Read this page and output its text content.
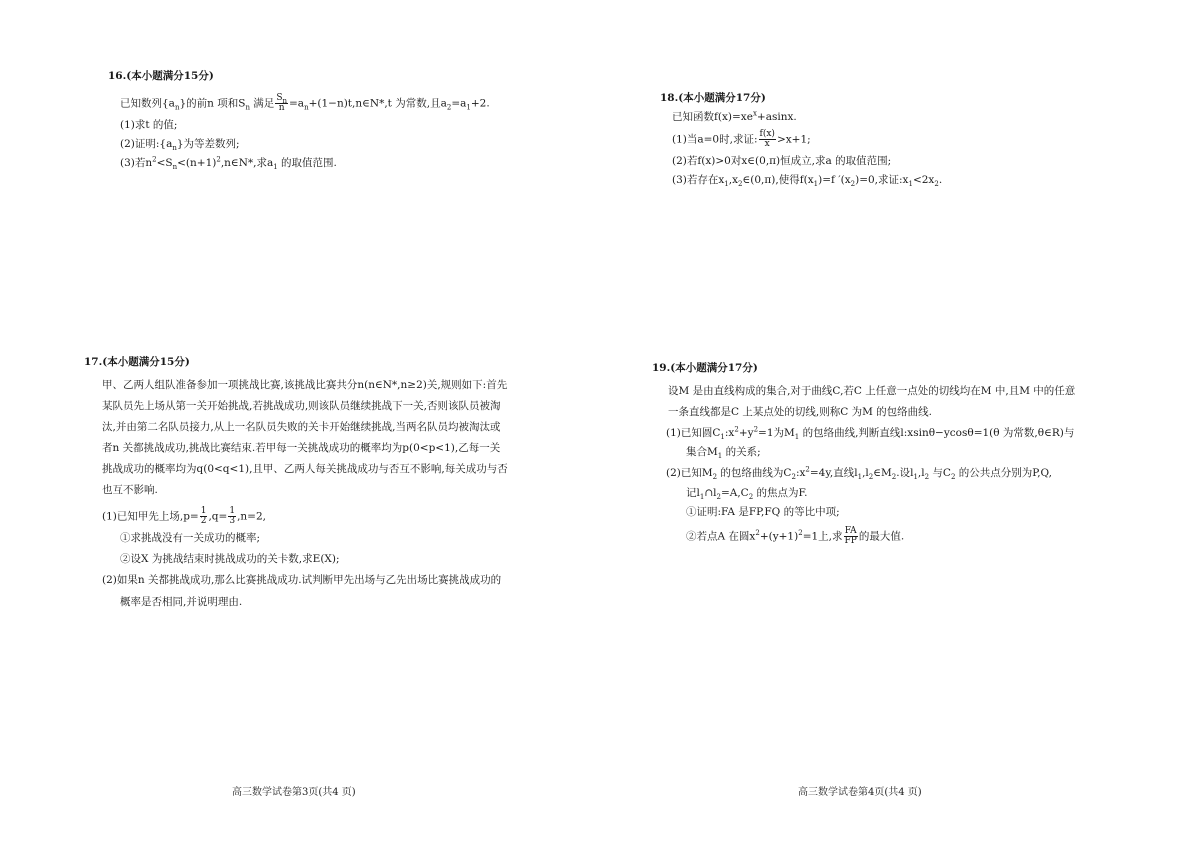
16.(本小题满分15分)

已知数列$\{a_n\}$的前n 项和$S_n$ 满足 $\frac{S_n}{n}$ $=a_n+(1-n)t,n\in N*,t$ 为常数,且$a_2=a_1+2$.

(1)求t 的值;

(2)证明$:\{a_n\}$为等差数列;

(3)若$n^2<S_n<(n+1)^2,n\in N*$,求$a_1$ 的取值范围.

17.(本小题满分15分)

甲、乙两人组队准备参加一项挑战比赛,该挑战比赛共分n(n∈N*,n≥2)关,规则如下:首先

某队员先上场从第一关开始挑战,若挑战成功,则该队员继续挑战下一关,否则该队员被淘

汰,并由第二名队员接力,从上一名队员失败的关卡开始继续挑战,当两名队员均被淘汰或

者n 关都挑战成功,挑战比赛结束.若甲每一关挑战成功的概率均为p(0<p<1),乙每一关

挑战成功的概率均为q(0<q<1),且甲、乙两人每关挑战成功与否互不影响,每关成功与否

也互不影响.

(1)已知甲先上场$,p= \frac{1}{2} ,q= \frac{1}{3} ,n=2$,

①求挑战没有一关成功的概率;

②设X 为挑战结束时挑战成功的关卡数,求E(X);

(2)如果n 关都挑战成功,那么比赛挑战成功.试判断甲先出场与乙先出场比赛挑战成功的

概率是否相同,并说明理由.

高三数学试卷第3页(共4 页)

18.(本小题满分17分)

已知函数$f(x)=xe^x+asinx$.

(1)当a=0时,求证: $\frac{f(x)}{x} >x+1$;

(2)若f(x)>0对x∈(0,π)恒成立,求a 的取值范围;

(3)若存在$x_1,x_2\in(0,\pi)$,使得$f(x_1)=f$ $'(x_2)=0$,求证$:x_1<2x_2$.

19.(本小题满分17分)

设M 是由直线构成的集合,对于曲线C,若C 上任意一点处的切线均在M 中,且M 中的任意

一条直线都是C 上某点处的切线,则称C 为M 的包络曲线.

(1)已知圆$C_1:x^2+y^2=1$为$M_1$ 的包络曲线,判断直线l:xsinθ−ycosθ=1(θ 为常数,θ∈R)与

集合$M_1$ 的关系;

(2)已知$M_2$ 的包络曲线为$C_2:x^2=4y$,直线$l_1,l_2\in M_2$.设$l_1,l_2$ 与$C_2$ 的公共点分别为P,Q,

记$l_1\cap l_2=A,C_2$ 的焦点为F.

①证明:FA 是FP,FQ 的等比中项;

②若点A 在圆$x^2+(y+1)^2=1$上,求 $\frac{FA}{FP}$ 的最大值.

高三数学试卷第4页(共4 页)
